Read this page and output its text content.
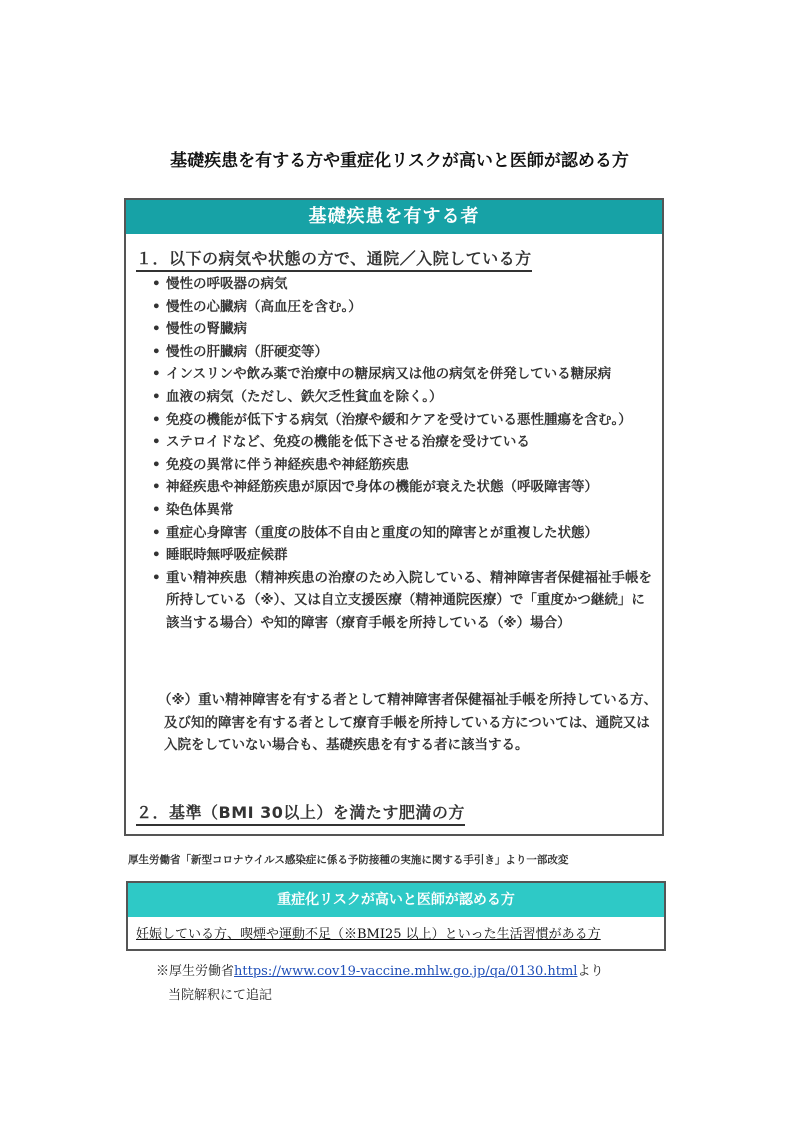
基礎疾患を有する方や重症化リスクが高いと医師が認める方
基礎疾患を有する者
１．以下の病気や状態の方で、通院／入院している方
• 慢性の呼吸器の病気
• 慢性の心臓病（高血圧を含む。）
• 慢性の腎臓病
• 慢性の肝臓病（肝硬変等）
• インスリンや飲み薬で治療中の糖尿病又は他の病気を併発している糖尿病
• 血液の病気（ただし、鉄欠乏性貧血を除く。）
• 免疫の機能が低下する病気（治療や緩和ケアを受けている悪性腫瘍を含む。）
• ステロイドなど、免疫の機能を低下させる治療を受けている
• 免疫の異常に伴う神経疾患や神経筋疾患
• 神経疾患や神経筋疾患が原因で身体の機能が衰えた状態（呼吸障害等）
• 染色体異常
• 重症心身障害（重度の肢体不自由と重度の知的障害とが重複した状態）
• 睡眠時無呼吸症候群
• 重い精神疾患（精神疾患の治療のため入院している、精神障害者保健福祉手帳を所持している（※）、又は自立支援医療（精神通院医療）で「重度かつ継続」に該当する場合）や知的障害（療育手帳を所持している（※）場合）
（※）重い精神障害を有する者として精神障害者保健福祉手帳を所持している方、及び知的障害を有する者として療育手帳を所持している方については、通院又は入院をしていない場合も、基礎疾患を有する者に該当する。
２．基準（BMI 30以上）を満たす肥満の方
厚生労働省「新型コロナウイルス感染症に係る予防接種の実施に関する手引き」より一部改変
重症化リスクが高いと医師が認める方
妊娠している方、喫煙や運動不足（※BMI25 以上）といった生活習慣がある方
※厚生労働省https://www.cov19-vaccine.mhlw.go.jp/qa/0130.htmlより
当院解釈にて追記
